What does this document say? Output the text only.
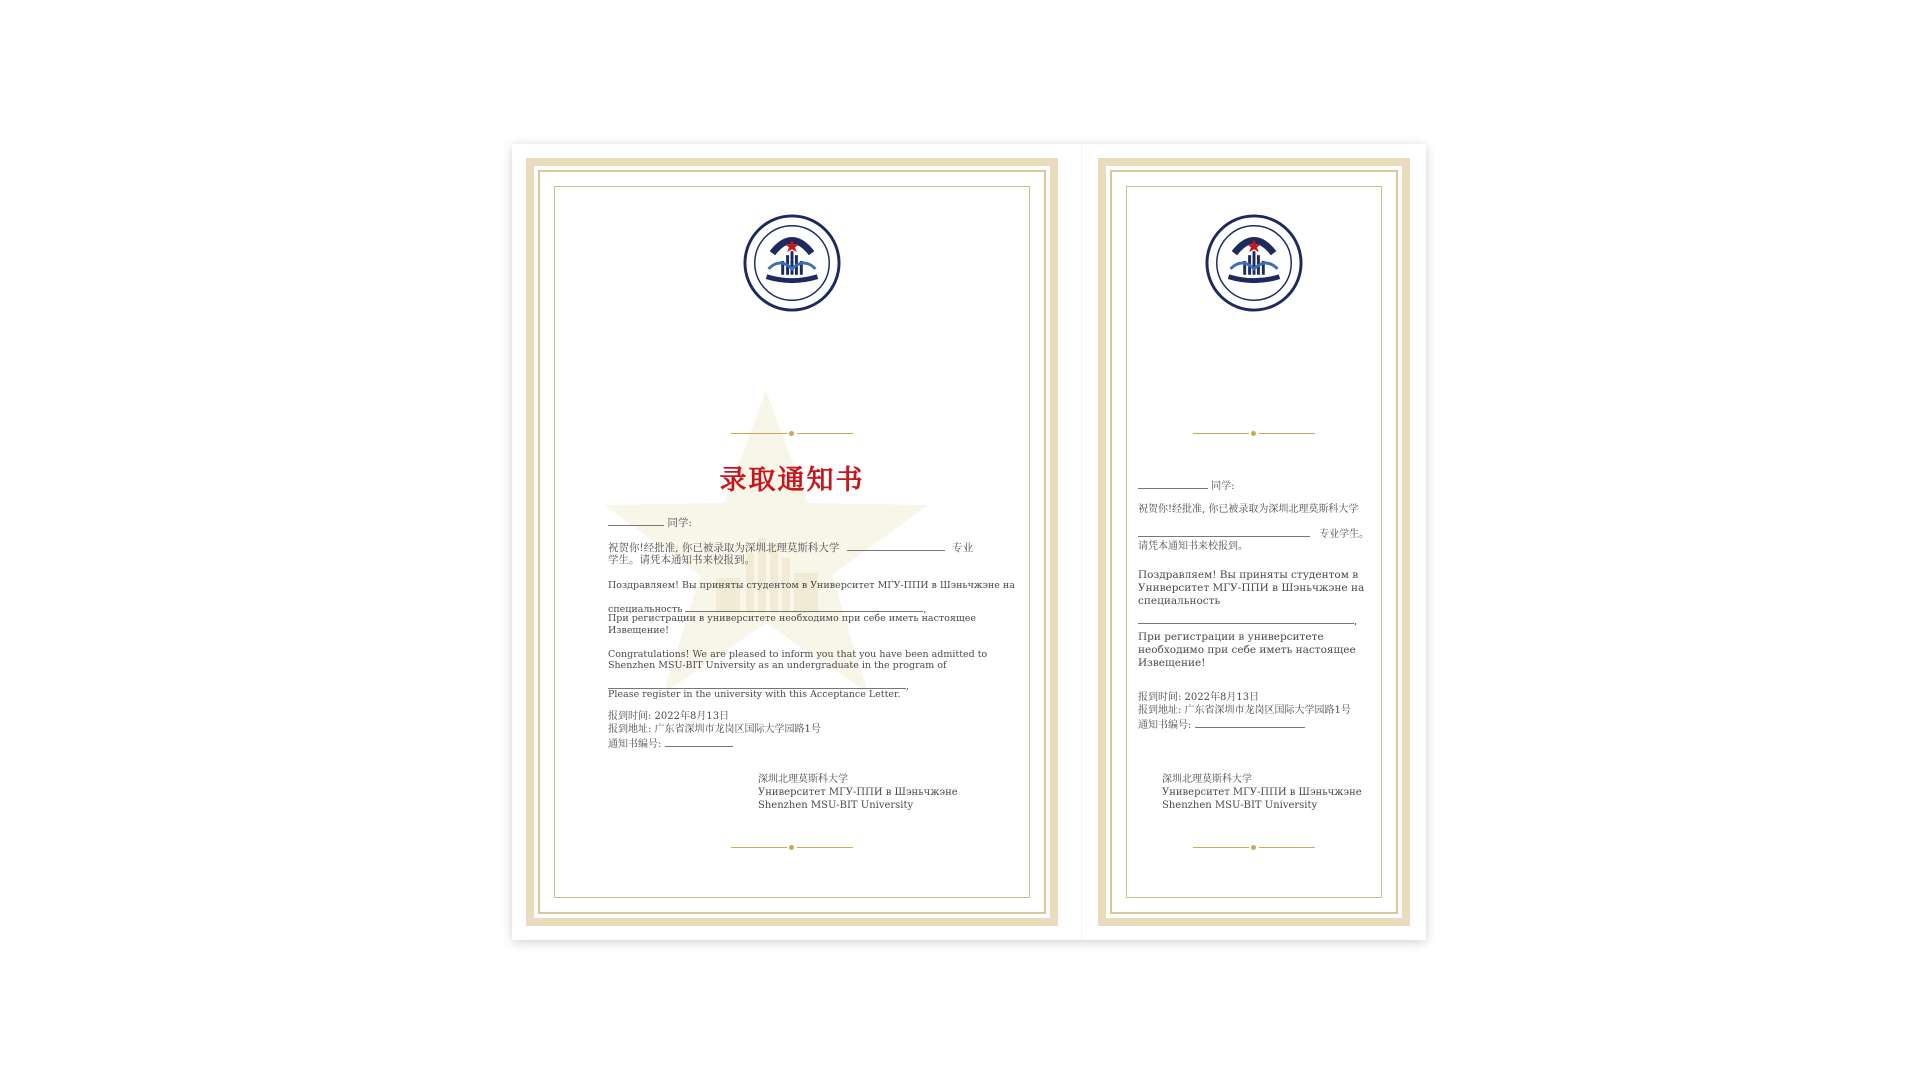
录取通知书
同学:
祝贺你!经批准, 你已被录取为深圳北理莫斯科大学	专业
学生。请凭本通知书来校报到。
Поздравляем! Вы приняты студентом в Университет МГУ-ППИ в Шэньчжэне на
специальность	,
При регистрации в университете необходимо при себе иметь настоящее
Извещение!
Congratulations! We are pleased to inform you that you have been admitted to
Shenzhen MSU-BIT University as an undergraduate in the program of
,
Please register in the university with this Acceptance Letter.
报到时间: 2022年8月13日
报到地址: 广东省深圳市龙岗区国际大学园路1号
通知书编号:
深圳北理莫斯科大学
Университет МГУ-ППИ в Шэньчжэне
Shenzhen MSU-BIT University
同学:
祝贺你!经批准, 你已被录取为深圳北理莫斯科大学
专业学生。
请凭本通知书来校报到。
Поздравляем! Вы приняты студентом в
Университет МГУ-ППИ в Шэньчжэне на
специальность
,
При регистрации в университете
необходимо при себе иметь настоящее
Извещение!
报到时间: 2022年8月13日
报到地址: 广东省深圳市龙岗区国际大学园路1号
通知书编号:
深圳北理莫斯科大学
Университет МГУ-ППИ в Шэньчжэне
Shenzhen MSU-BIT University
